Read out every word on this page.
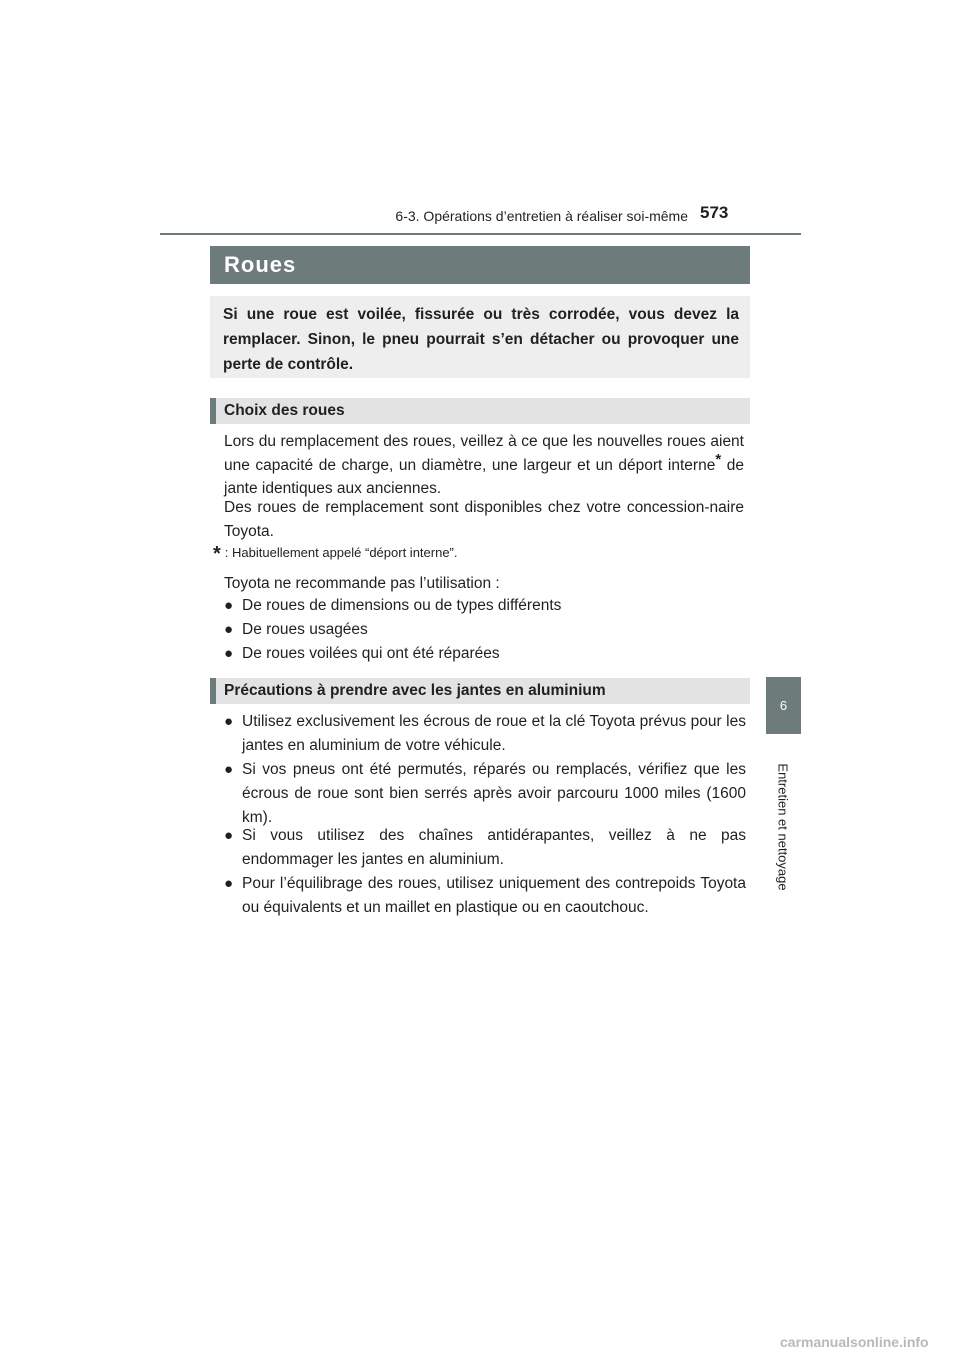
6-3. Opérations d’entretien à réaliser soi-même 573
6
Entretien et nettoyage
Roues
Si une roue est voilée, fissurée ou très corrodée, vous devez la remplacer. Sinon, le pneu pourrait s’en détacher ou provoquer une perte de contrôle.
Choix des roues
Lors du remplacement des roues, veillez à ce que les nouvelles roues aient une capacité de charge, un diamètre, une largeur et un déport interne* de jante identiques aux anciennes.
Des roues de remplacement sont disponibles chez votre concession-naire Toyota.
* : Habituellement appelé “déport interne”.
Toyota ne recommande pas l’utilisation :
● De roues de dimensions ou de types différents
● De roues usagées
● De roues voilées qui ont été réparées
Précautions à prendre avec les jantes en aluminium
● Utilisez exclusivement les écrous de roue et la clé Toyota prévus pour les jantes en aluminium de votre véhicule.
● Si vos pneus ont été permutés, réparés ou remplacés, vérifiez que les écrous de roue sont bien serrés après avoir parcouru 1000 miles (1600 km).
● Si vous utilisez des chaînes antidérapantes, veillez à ne pas endommager les jantes en aluminium.
● Pour l’équilibrage des roues, utilisez uniquement des contrepoids Toyota ou équivalents et un maillet en plastique ou en caoutchouc.
carmanualsonline.info
